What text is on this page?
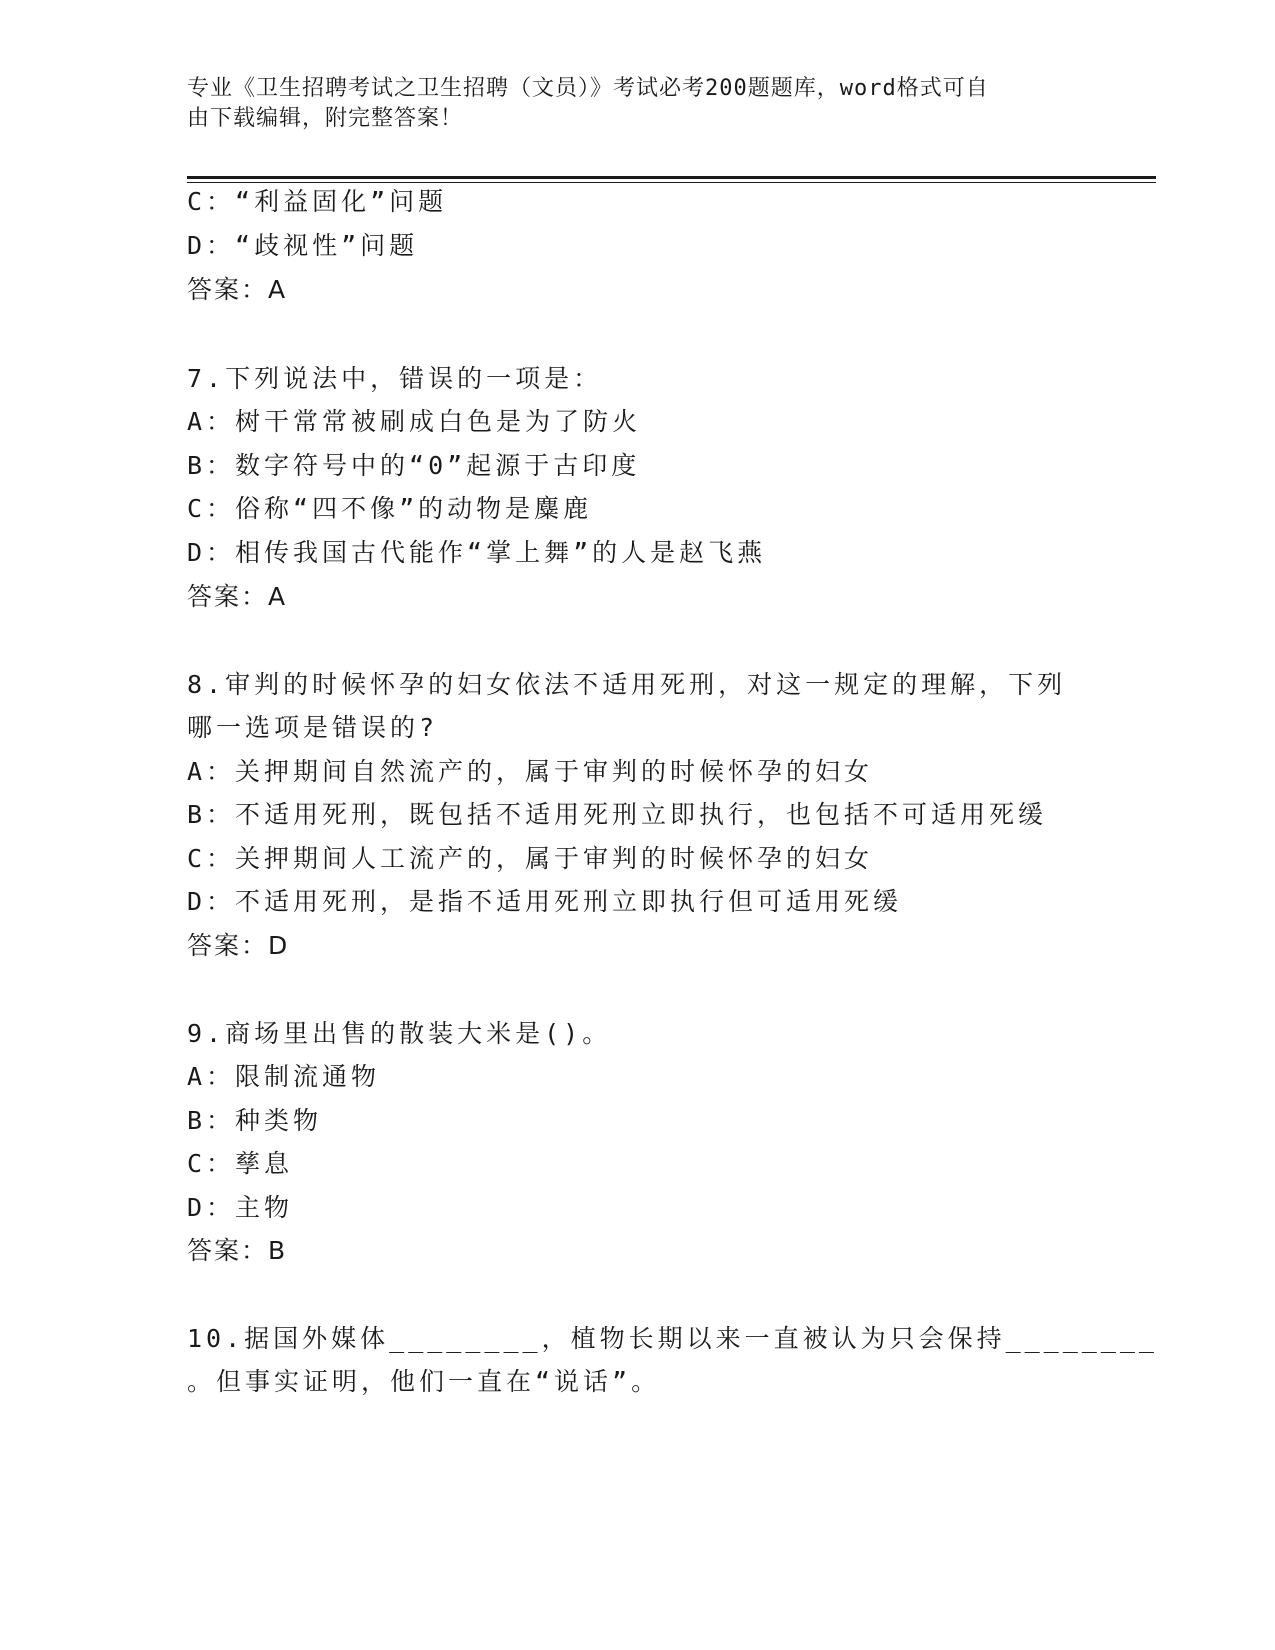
专业《卫生招聘考试之卫生招聘（文员）》考试必考200题题库，word格式可自
由下载编辑，附完整答案！
C：“利益固化”问题
D：“歧视性”问题
答案：A
7.下列说法中，错误的一项是：
A：树干常常被刷成白色是为了防火
B：数字符号中的“0”起源于古印度
C：俗称“四不像”的动物是麋鹿
D：相传我国古代能作“掌上舞”的人是赵飞燕
答案：A
8.审判的时候怀孕的妇女依法不适用死刑，对这一规定的理解，下列
哪一选项是错误的?
A：关押期间自然流产的，属于审判的时候怀孕的妇女
B：不适用死刑，既包括不适用死刑立即执行，也包括不可适用死缓
C：关押期间人工流产的，属于审判的时候怀孕的妇女
D：不适用死刑，是指不适用死刑立即执行但可适用死缓
答案：D
9.商场里出售的散装大米是()。
A：限制流通物
B：种类物
C：孳息
D：主物
答案：B
10.据国外媒体________，植物长期以来一直被认为只会保持________
。但事实证明，他们一直在“说话”。
